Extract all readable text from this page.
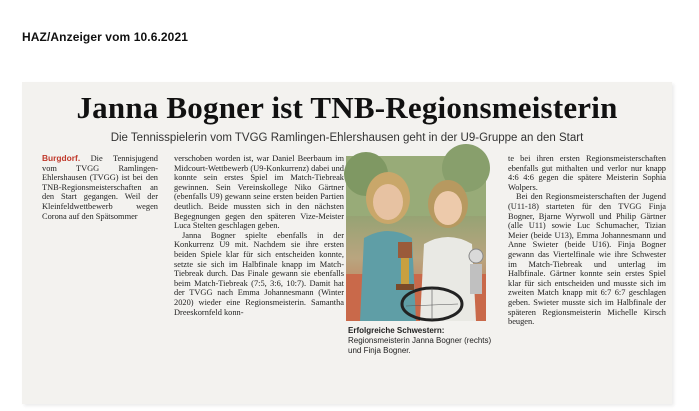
HAZ/Anzeiger vom 10.6.2021
Janna Bogner ist TNB-Regionsmeisterin
Die Tennisspielerin vom TVGG Ramlingen-Ehlershausen geht in der U9-Gruppe an den Start

Burgdorf. Die Tennisjugend vom TVGG Ramlingen-Ehlershausen (TVGG) ist bei den TNB-Regionsmeisterschaften an den Start gegangen. Weil der Kleinfeldwettbewerb wegen Corona auf den Spätsommer

verschoben worden ist, war Daniel Beerbaum im Midcourt-Wettbewerb (U9-Konkurrenz) dabei und konnte sein erstes Spiel im Match-Tiebreak gewinnen. Sein Vereinskollege Niko Gärtner (ebenfalls U9) gewann seine ersten beiden Partien deutlich. Beide mussten sich in den nächsten Begegnungen gegen den späteren Vize-Meister Luca Stelten geschlagen geben.

Janna Bogner spielte ebenfalls in der Konkurrenz U9 mit. Nachdem sie ihre ersten beiden Spiele klar für sich entscheiden konnte, setzte sie sich im Halbfinale knapp im Match-Tiebreak durch. Das Finale gewann sie ebenfalls beim Match-Tiebreak (7:5, 3:6, 10:7). Damit hat der TVGG nach Emma Johannesmann (Winter 2020) wieder eine Regionsmeisterin. Samantha Dreeskornfeld konn-

Erfolgreiche Schwestern: Regionsmeisterin Janna Bogner (rechts) und Finja Bogner.

te bei ihren ersten Regionsmeisterschaften ebenfalls gut mithalten und verlor nur knapp 4:6 4:6 gegen die spätere Meisterin Sophia Wolpers.

Bei den Regionsmeisterschaften der Jugend (U11-18) starteten für den TVGG Finja Bogner, Bjarne Wyrwoll und Philip Gärtner (alle U11) sowie Luc Schumacher, Tizian Meier (beide U13), Emma Johannesmann und Anne Swieter (beide U16). Finja Bogner gewann das Viertelfinale wie ihre Schwester im Match-Tiebreak und unterlag im Halbfinale. Gärtner konnte sein erstes Spiel klar für sich entscheiden und musste sich im zweiten Match knapp mit 6:7 6:7 geschlagen geben. Swieter musste sich im Halbfinale der späteren Regionsmeisterin Michelle Kirsch beugen.
